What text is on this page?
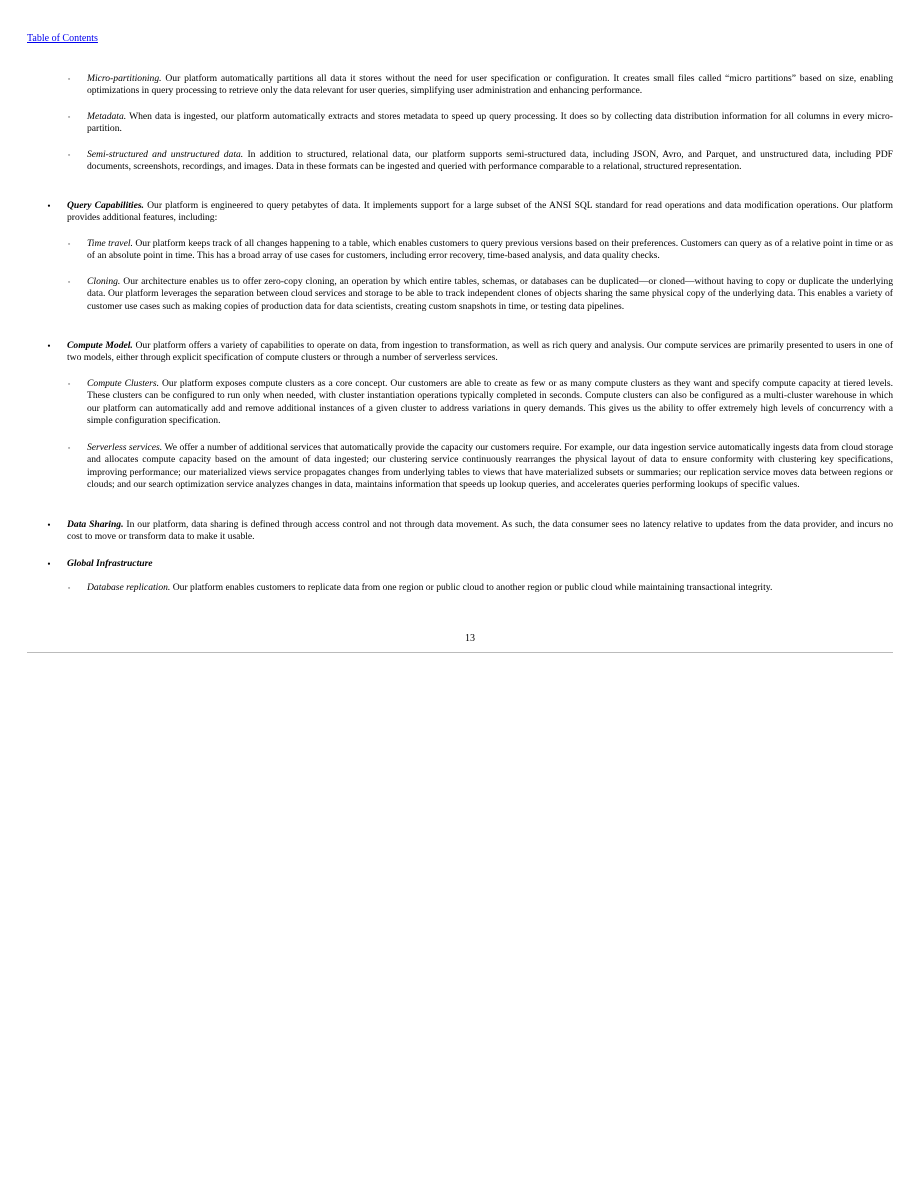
Table of Contents
▫	Micro-partitioning. Our platform automatically partitions all data it stores without the need for user specification or configuration. It creates small files called “micro partitions” based on size, enabling optimizations in query processing to retrieve only the data relevant for user queries, simplifying user administration and enhancing performance.
▫	Metadata. When data is ingested, our platform automatically extracts and stores metadata to speed up query processing. It does so by collecting data distribution information for all columns in every micro-partition.
▫	Semi-structured and unstructured data. In addition to structured, relational data, our platform supports semi-structured data, including JSON, Avro, and Parquet, and unstructured data, including PDF documents, screenshots, recordings, and images. Data in these formats can be ingested and queried with performance comparable to a relational, structured representation.
•	Query Capabilities. Our platform is engineered to query petabytes of data. It implements support for a large subset of the ANSI SQL standard for read operations and data modification operations. Our platform provides additional features, including:
▫	Time travel. Our platform keeps track of all changes happening to a table, which enables customers to query previous versions based on their preferences. Customers can query as of a relative point in time or as of an absolute point in time. This has a broad array of use cases for customers, including error recovery, time-based analysis, and data quality checks.
▫	Cloning. Our architecture enables us to offer zero-copy cloning, an operation by which entire tables, schemas, or databases can be duplicated—or cloned—without having to copy or duplicate the underlying data. Our platform leverages the separation between cloud services and storage to be able to track independent clones of objects sharing the same physical copy of the underlying data. This enables a variety of customer use cases such as making copies of production data for data scientists, creating custom snapshots in time, or testing data pipelines.
•	Compute Model. Our platform offers a variety of capabilities to operate on data, from ingestion to transformation, as well as rich query and analysis. Our compute services are primarily presented to users in one of two models, either through explicit specification of compute clusters or through a number of serverless services.
▫	Compute Clusters. Our platform exposes compute clusters as a core concept. Our customers are able to create as few or as many compute clusters as they want and specify compute capacity at tiered levels. These clusters can be configured to run only when needed, with cluster instantiation operations typically completed in seconds. Compute clusters can also be configured as a multi-cluster warehouse in which our platform can automatically add and remove additional instances of a given cluster to address variations in query demands. This gives us the ability to offer extremely high levels of concurrency with a simple configuration specification.
▫	Serverless services. We offer a number of additional services that automatically provide the capacity our customers require. For example, our data ingestion service automatically ingests data from cloud storage and allocates compute capacity based on the amount of data ingested; our clustering service continuously rearranges the physical layout of data to ensure conformity with clustering key specifications, improving performance; our materialized views service propagates changes from underlying tables to views that have materialized subsets or summaries; our replication service moves data between regions or clouds; and our search optimization service analyzes changes in data, maintains information that speeds up lookup queries, and accelerates queries performing lookups of specific values.
•	Data Sharing. In our platform, data sharing is defined through access control and not through data movement. As such, the data consumer sees no latency relative to updates from the data provider, and incurs no cost to move or transform data to make it usable.
•	Global Infrastructure
▫	Database replication. Our platform enables customers to replicate data from one region or public cloud to another region or public cloud while maintaining transactional integrity.
13
